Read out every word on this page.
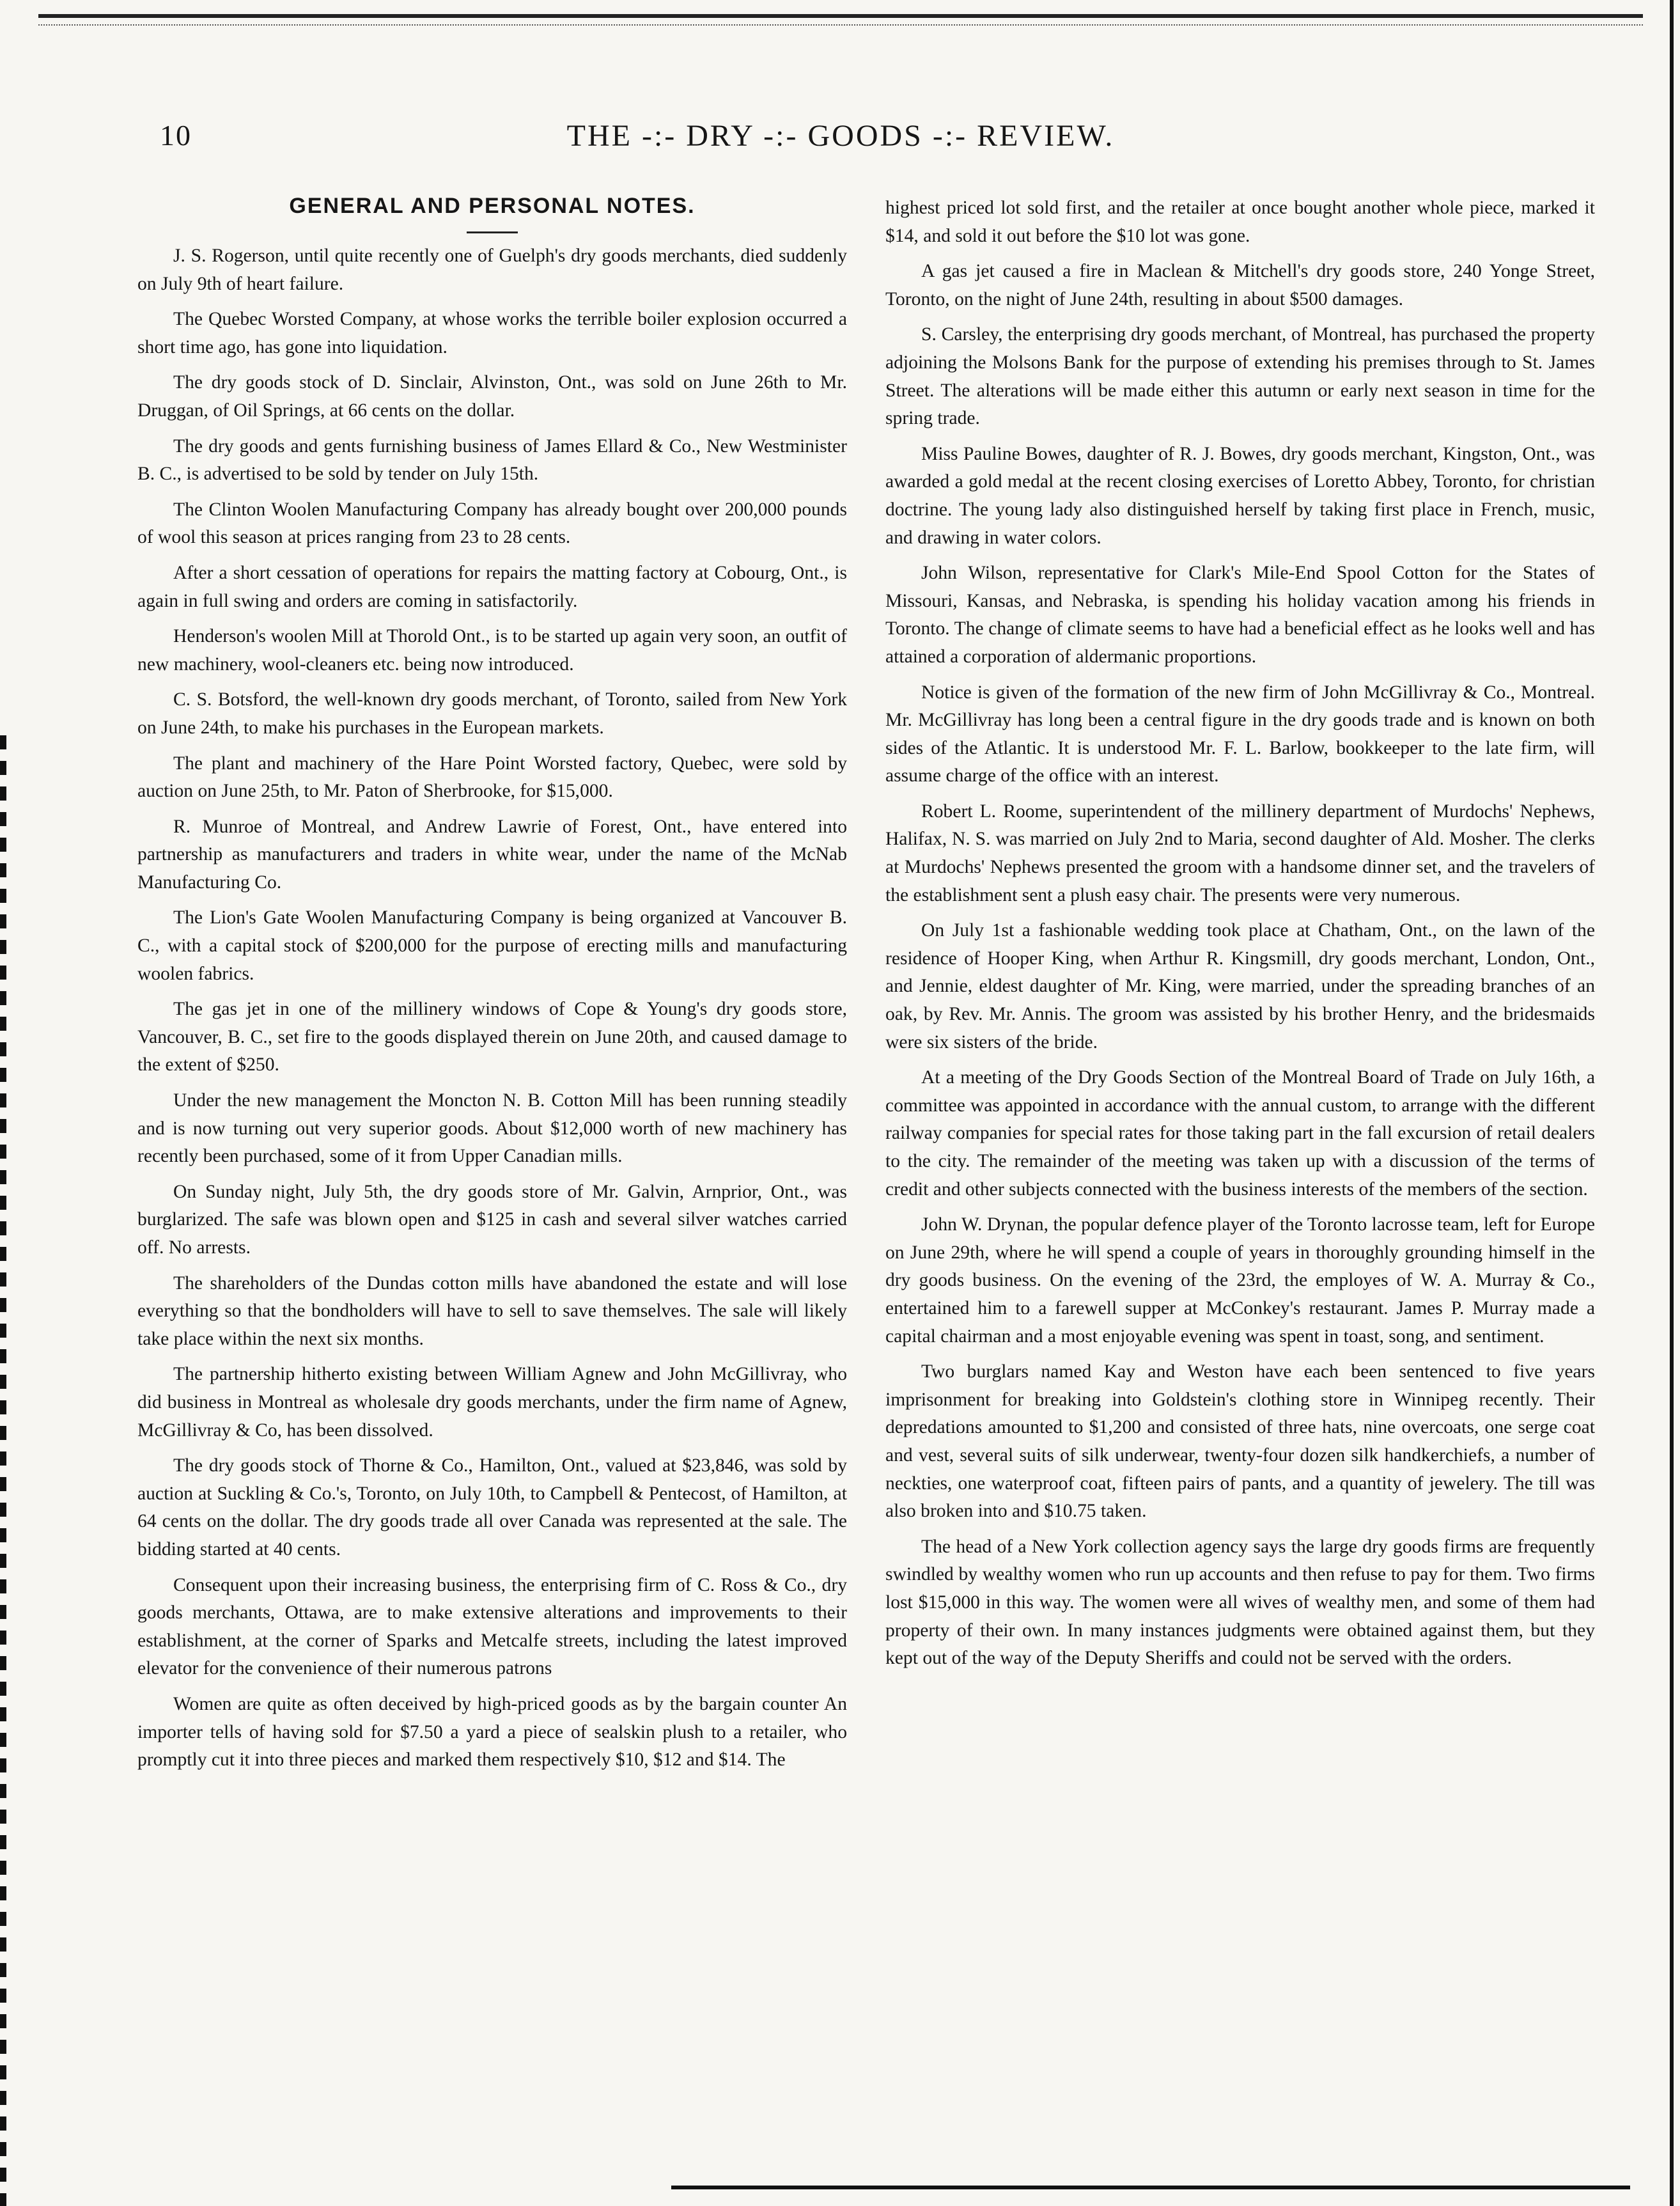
10	THE -:- DRY -:- GOODS -:- REVIEW.
GENERAL AND PERSONAL NOTES.

J. S. Rogerson, until quite recently one of Guelph's dry goods merchants, died suddenly on July 9th of heart failure.

The Quebec Worsted Company, at whose works the terrible boiler explosion occurred a short time ago, has gone into liquidation.

The dry goods stock of D. Sinclair, Alvinston, Ont., was sold on June 26th to Mr. Druggan, of Oil Springs, at 66 cents on the dollar.

The dry goods and gents furnishing business of James Ellard & Co., New Westminister B. C., is advertised to be sold by tender on July 15th.

The Clinton Woolen Manufacturing Company has already bought over 200,000 pounds of wool this season at prices ranging from 23 to 28 cents.

After a short cessation of operations for repairs the matting factory at Cobourg, Ont., is again in full swing and orders are coming in satisfactorily.

Henderson's woolen Mill at Thorold Ont., is to be started up again very soon, an outfit of new machinery, wool-cleaners etc. being now introduced.

C. S. Botsford, the well-known dry goods merchant, of Toronto, sailed from New York on June 24th, to make his purchases in the European markets.

The plant and machinery of the Hare Point Worsted factory, Quebec, were sold by auction on June 25th, to Mr. Paton of Sherbrooke, for $15,000.

R. Munroe of Montreal, and Andrew Lawrie of Forest, Ont., have entered into partnership as manufacturers and traders in white wear, under the name of the McNab Manufacturing Co.

The Lion's Gate Woolen Manufacturing Company is being organized at Vancouver B. C., with a capital stock of $200,000 for the purpose of erecting mills and manufacturing woolen fabrics.

The gas jet in one of the millinery windows of Cope & Young's dry goods store, Vancouver, B. C., set fire to the goods displayed therein on June 20th, and caused damage to the extent of $250.

Under the new management the Moncton N. B. Cotton Mill has been running steadily and is now turning out very superior goods. About $12,000 worth of new machinery has recently been purchased, some of it from Upper Canadian mills.

On Sunday night, July 5th, the dry goods store of Mr. Galvin, Arnprior, Ont., was burglarized. The safe was blown open and $125 in cash and several silver watches carried off. No arrests.

The shareholders of the Dundas cotton mills have abandoned the estate and will lose everything so that the bondholders will have to sell to save themselves. The sale will likely take place within the next six months.

The partnership hitherto existing between William Agnew and John McGillivray, who did business in Montreal as wholesale dry goods merchants, under the firm name of Agnew, McGillivray & Co, has been dissolved.

The dry goods stock of Thorne & Co., Hamilton, Ont., valued at $23,846, was sold by auction at Suckling & Co.'s, Toronto, on July 10th, to Campbell & Pentecost, of Hamilton, at 64 cents on the dollar. The dry goods trade all over Canada was represented at the sale. The bidding started at 40 cents.

Consequent upon their increasing business, the enterprising firm of C. Ross & Co., dry goods merchants, Ottawa, are to make extensive alterations and improvements to their establishment, at the corner of Sparks and Metcalfe streets, including the latest improved elevator for the convenience of their numerous patrons

Women are quite as often deceived by high-priced goods as by the bargain counter An importer tells of having sold for $7.50 a yard a piece of sealskin plush to a retailer, who promptly cut it into three pieces and marked them respectively $10, $12 and $14. The

highest priced lot sold first, and the retailer at once bought another whole piece, marked it $14, and sold it out before the $10 lot was gone.

A gas jet caused a fire in Maclean & Mitchell's dry goods store, 240 Yonge Street, Toronto, on the night of June 24th, resulting in about $500 damages.

S. Carsley, the enterprising dry goods merchant, of Montreal, has purchased the property adjoining the Molsons Bank for the purpose of extending his premises through to St. James Street. The alterations will be made either this autumn or early next season in time for the spring trade.

Miss Pauline Bowes, daughter of R. J. Bowes, dry goods merchant, Kingston, Ont., was awarded a gold medal at the recent closing exercises of Loretto Abbey, Toronto, for christian doctrine. The young lady also distinguished herself by taking first place in French, music, and drawing in water colors.

John Wilson, representative for Clark's Mile-End Spool Cotton for the States of Missouri, Kansas, and Nebraska, is spending his holiday vacation among his friends in Toronto. The change of climate seems to have had a beneficial effect as he looks well and has attained a corporation of aldermanic proportions.

Notice is given of the formation of the new firm of John McGillivray & Co., Montreal. Mr. McGillivray has long been a central figure in the dry goods trade and is known on both sides of the Atlantic. It is understood Mr. F. L. Barlow, bookkeeper to the late firm, will assume charge of the office with an interest.

Robert L. Roome, superintendent of the millinery department of Murdochs' Nephews, Halifax, N. S. was married on July 2nd to Maria, second daughter of Ald. Mosher. The clerks at Murdochs' Nephews presented the groom with a handsome dinner set, and the travelers of the establishment sent a plush easy chair. The presents were very numerous.

On July 1st a fashionable wedding took place at Chatham, Ont., on the lawn of the residence of Hooper King, when Arthur R. Kingsmill, dry goods merchant, London, Ont., and Jennie, eldest daughter of Mr. King, were married, under the spreading branches of an oak, by Rev. Mr. Annis. The groom was assisted by his brother Henry, and the bridesmaids were six sisters of the bride.

At a meeting of the Dry Goods Section of the Montreal Board of Trade on July 16th, a committee was appointed in accordance with the annual custom, to arrange with the different railway companies for special rates for those taking part in the fall excursion of retail dealers to the city. The remainder of the meeting was taken up with a discussion of the terms of credit and other subjects connected with the business interests of the members of the section.

John W. Drynan, the popular defence player of the Toronto lacrosse team, left for Europe on June 29th, where he will spend a couple of years in thoroughly grounding himself in the dry goods business. On the evening of the 23rd, the employes of W. A. Murray & Co., entertained him to a farewell supper at McConkey's restaurant. James P. Murray made a capital chairman and a most enjoyable evening was spent in toast, song, and sentiment.

Two burglars named Kay and Weston have each been sentenced to five years imprisonment for breaking into Goldstein's clothing store in Winnipeg recently. Their depredations amounted to $1,200 and consisted of three hats, nine overcoats, one serge coat and vest, several suits of silk underwear, twenty-four dozen silk handkerchiefs, a number of neckties, one waterproof coat, fifteen pairs of pants, and a quantity of jewelery. The till was also broken into and $10.75 taken.

The head of a New York collection agency says the large dry goods firms are frequently swindled by wealthy women who run up accounts and then refuse to pay for them. Two firms lost $15,000 in this way. The women were all wives of wealthy men, and some of them had property of their own. In many instances judgments were obtained against them, but they kept out of the way of the Deputy Sheriffs and could not be served with the orders.
